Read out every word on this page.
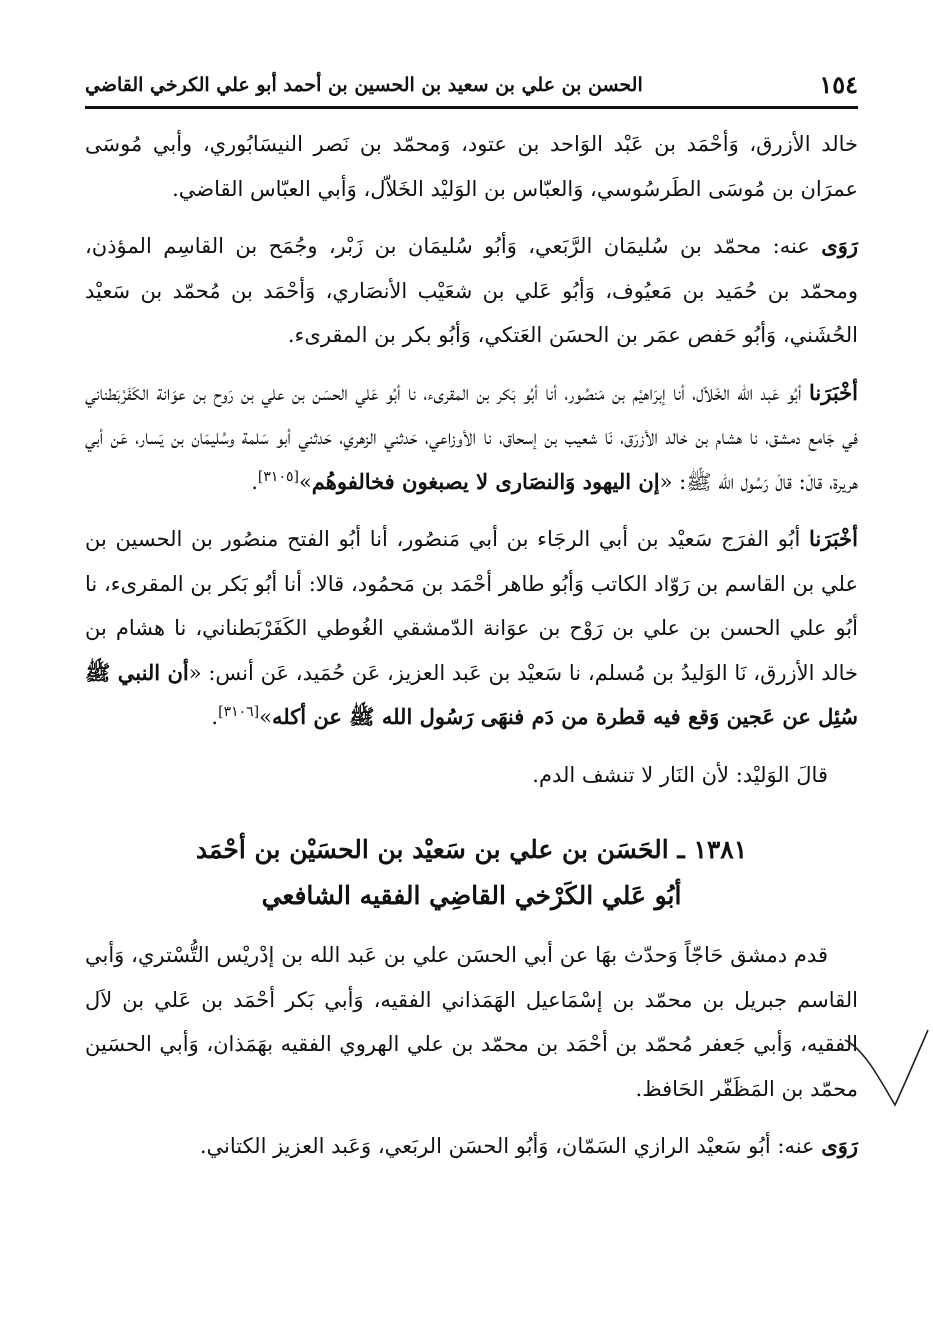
١٥٤
الحسن بن علي بن سعيد بن الحسين بن أحمد أبو علي الكرخي القاضي

خالد الأزرق، وَأحْمَد بن عَبْد الوَاحد بن عتود، وَمحمّد بن نَصر النيسَابُوري، وأبي مُوسَى عمرَان بن مُوسَى الطَرسُوسي، وَالعبّاس بن الوَليْد الخَلاّل، وَأبي العبّاس القاضي.

رَوَى عنه: محمّد بن سُليمَان الرَّبَعي، وَأبُو سُليمَان بن زَبْر، وجُمَح بن القاسِم المؤذن، ومحمّد بن حُمَيد بن مَعيُوف، وَأبُو عَلي بن شعَيْب الأنصَاري، وَأحْمَد بن مُحمّد بن سَعيْد الحُشَني، وَأبُو حَفص عمَر بن الحسَن العَتكي، وَأبُو بكر بن المقرىء.

أخْبَرَنا أبُو عَبد الله الخَلاّل، أنا إبرَاهيْم بن مَنصُور، أنا أبُو بَكر بن المقرىء، نا أبُو عَلي الحسَن بن علي بن رَوح بن عوَانة الكَفَرْبَطناني في جَامع دمشق، نا هشام بن خالد الأزرَق، نَا شعيب بن إسحاق، نا الأوزاعي، حَدثني الزهري، حَدثني أبو سَلمة وسُليمَان بن يَسار، عَن أبي هريرة، قالَ: قالَ رَسُول الله ﷺ: «إن اليهود وَالنصَارى لا يصبغون فخالفوهُم»[٣١٠٥].

أخْبَرَنا أبُو الفرَج سَعيْد بن أبي الرجَاء بن أبي مَنصُور، أنا أبُو الفتح منصُور بن الحسين بن علي بن القاسم بن رَوّاد الكاتب وَأبُو طاهر أحْمَد بن مَحمُود، قالا: أنا أبُو بَكر بن المقرىء، نا أبُو علي الحسن بن علي بن رَوْح بن عوَانة الدّمشقي الغُوطي الكَفَرْبَطناني، نا هشام بن خالد الأزرق، نَا الوَليدُ بن مُسلم، نا سَعيْد بن عَبد العزيز، عَن حُمَيد، عَن أنس: «أن النبي ﷺ سُئِل عن عَجين وَقع فيه قطرة من دَم فنهَى رَسُول الله ﷺ عن أكله»[٣١٠٦].

قالَ الوَليْد: لأن النَار لا تنشف الدم.

١٣٨١ ـ الحَسَن بن علي بن سَعيْد بن الحسَيْن بن أحْمَد
أبُو عَلي الكَرْخي القاضِي الفقيه الشافعي

قدم دمشق حَاجّاً وَحدّث بهَا عن أبي الحسَن علي بن عَبد الله بن إدْريْس التُّسْتري، وَأبي القاسم جبريل بن محمّد بن إسْمَاعيل الهَمَذاني الفقيه، وَأبي بَكر أحْمَد بن عَلي بن لاَل الفقيه، وَأبي جَعفر مُحمّد بن أحْمَد بن محمّد بن علي الهروي الفقيه بهَمَذان، وَأبي الحسَين محمّد بن المَظَفّر الحَافظ.

رَوَى عنه: أبُو سَعيْد الرازي السَمّان، وَأبُو الحسَن الربَعي، وَعَبد العزيز الكتاني.
